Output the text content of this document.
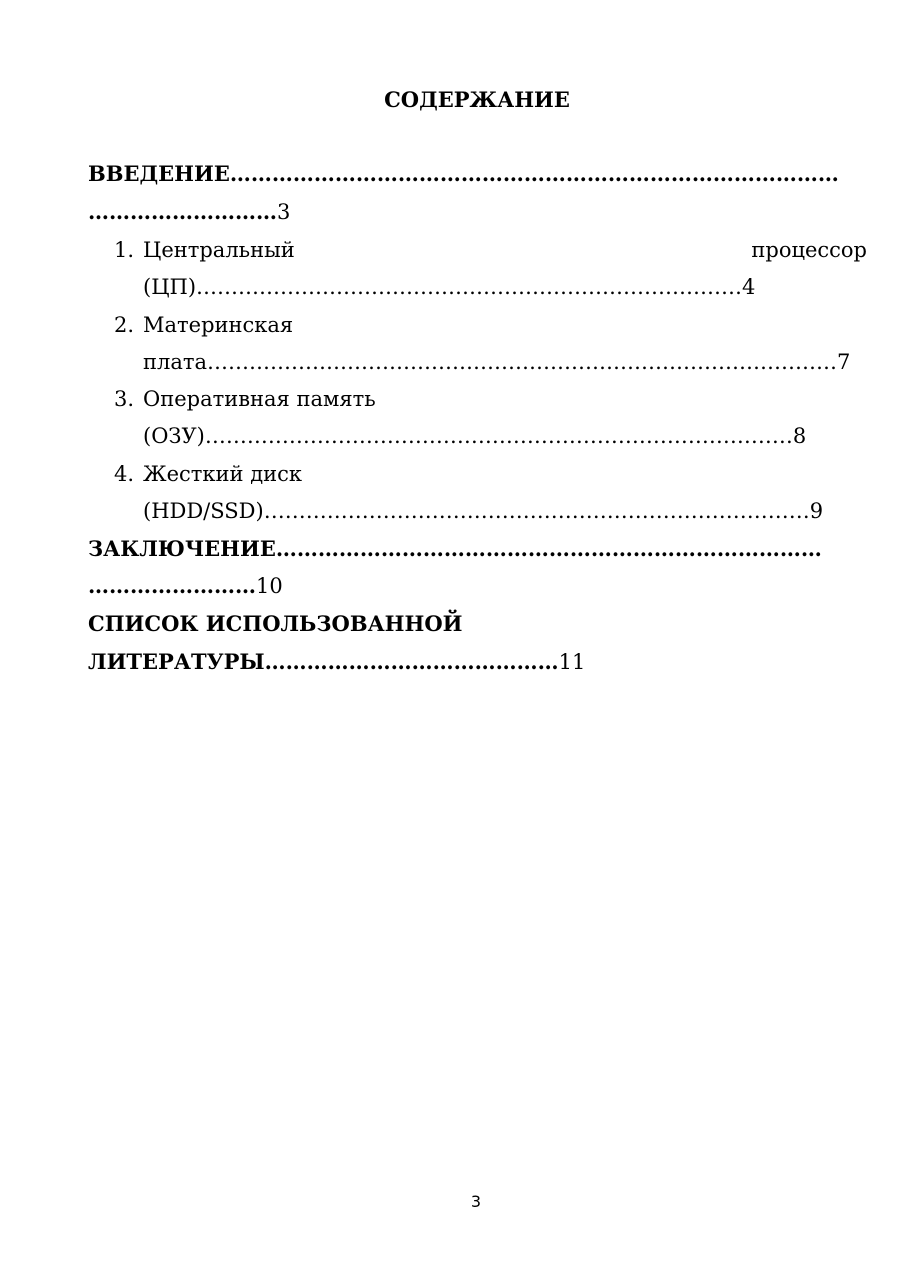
СОДЕРЖАНИЕ
ВВЕДЕНИЕ……………………………………………………………………………
………………………3
1. Центральный	процессор
(ЦП)……………………………………………………………………4
2. Материнская
плата………………………………………………………………………………7
3. Оперативная память
(ОЗУ)…………………………………………………………………………8
4. Жесткий диск
(HDD/SSD)……………………………………………………………………9
ЗАКЛЮЧЕНИЕ……………………………………………………………………
……………………10
СПИСОК ИСПОЛЬЗОВАННОЙ
ЛИТЕРАТУРЫ……………………………………11
3
